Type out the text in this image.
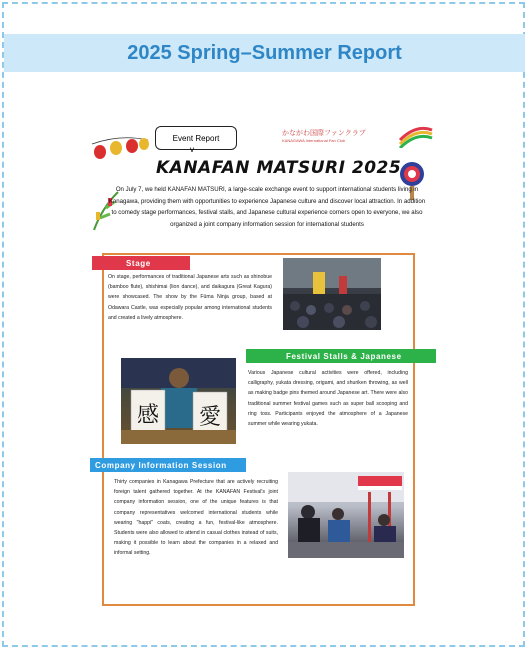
2025 Spring–Summer Report
Event Report
v
かながわ国際ファンクラブ
KANAGAWA International Fan Club
KANAFAN MATSURI 2025
On July 7, we held KANAFAN MATSURI, a large-scale exchange event to support international students living in Kanagawa, providing them with opportunities to experience Japanese culture and discover local attraction. In addition to comedy stage performances, festival stalls, and Japanese cultural experience corners open to everyone, we also organized a joint company information session for international students
Stage
On stage, performances of traditional Japanese arts such as shinobue (bamboo flute), shishimai (lion dance), and daikagura (Great Kagura) were showcased. The show by the Fūma Ninja group, based at Odawara Castle, was especially popular among international students and created a lively atmosphere.
Festival Stalls & Japanese
Various Japanese cultural activities were offered, including calligraphy, yukata dressing, origami, and shuriken throwing, as well as making badge pins themed around Japanese art. There were also traditional summer festival games such as super ball scooping and ring toss. Participants enjoyed the atmosphere of a Japanese summer while wearing yukata.
感 愛
Company Information Session
Thirty companies in Kanagawa Prefecture that are actively recruiting foreign talent gathered together. At the KANAFAN Festival's joint company information session, one of the unique features is that company representatives welcomed international students while wearing "happi" coats, creating a fun, festival-like atmosphere. Students were also allowed to attend in casual clothes instead of suits, making it possible to learn about the companies in a relaxed and informal setting.
